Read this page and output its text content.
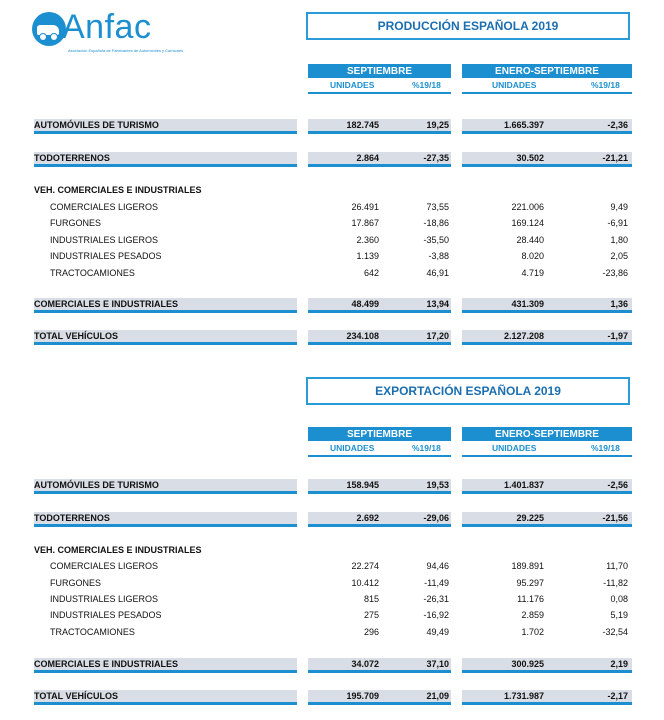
Anfac
Asociación Española de Fabricantes de Automóviles y Camiones
PRODUCCIÓN ESPAÑOLA 2019
SEPTIEMBRE	ENERO-SEPTIEMBRE
UNIDADES	%19/18	UNIDADES	%19/18
AUTOMÓVILES DE TURISMO	182.745	19,25	1.665.397	-2,36
TODOTERRENOS	2.864	-27,35	30.502	-21,21
VEH. COMERCIALES E INDUSTRIALES
COMERCIALES LIGEROS	26.491	73,55	221.006	9,49
FURGONES	17.867	-18,86	169.124	-6,91
INDUSTRIALES LIGEROS	2.360	-35,50	28.440	1,80
INDUSTRIALES PESADOS	1.139	-3,88	8.020	2,05
TRACTOCAMIONES	642	46,91	4.719	-23,86
COMERCIALES E INDUSTRIALES	48.499	13,94	431.309	1,36
TOTAL VEHÍCULOS	234.108	17,20	2.127.208	-1,97
EXPORTACIÓN ESPAÑOLA 2019
SEPTIEMBRE	ENERO-SEPTIEMBRE
UNIDADES	%19/18	UNIDADES	%19/18
AUTOMÓVILES DE TURISMO	158.945	19,53	1.401.837	-2,56
TODOTERRENOS	2.692	-29,06	29.225	-21,56
VEH. COMERCIALES E INDUSTRIALES
COMERCIALES LIGEROS	22.274	94,46	189.891	11,70
FURGONES	10.412	-11,49	95.297	-11,82
INDUSTRIALES LIGEROS	815	-26,31	11.176	0,08
INDUSTRIALES PESADOS	275	-16,92	2.859	5,19
TRACTOCAMIONES	296	49,49	1.702	-32,54
COMERCIALES E INDUSTRIALES	34.072	37,10	300.925	2,19
TOTAL VEHÍCULOS	195.709	21,09	1.731.987	-2,17
